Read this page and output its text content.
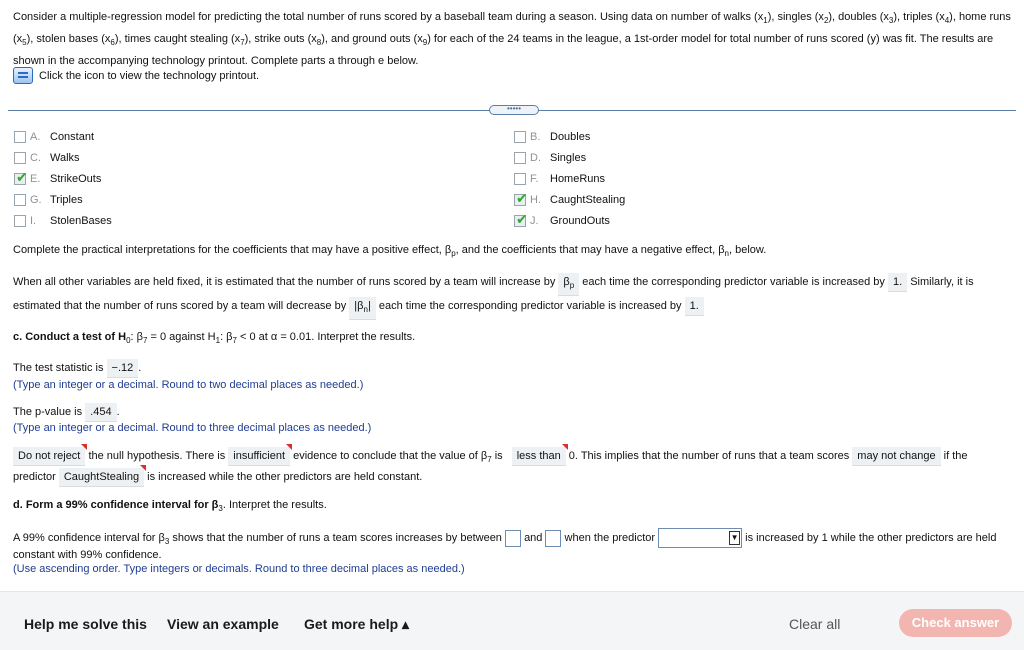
Consider a multiple-regression model for predicting the total number of runs scored by a baseball team during a season. Using data on number of walks $(x_1)$, singles $(x_2)$, doubles $(x_3)$, triples $(x_4)$, home runs $(x_5)$, stolen bases $(x_6)$, times caught stealing $(x_7)$, strike outs $(x_8)$, and ground outs $(x_9)$ for each of the 24 teams in the league, a 1st-order model for total number of runs scored (y) was fit. The results are shown in the accompanying technology printout. Complete parts a through e below.
Click the icon to view the technology printout.
•••••
A. Constant
C. Walks
✔
E. StrikeOuts
G. Triples
I.	StolenBases
B. Doubles
D. Singles
F.	HomeRuns
✔
H. CaughtStealing
✔
J.	GroundOuts
Complete the practical interpretations for the coefficients that may have a positive effect, $\beta_p$, and the coefficients that may have a negative effect, $\beta_n$, below.
When all other variables are held fixed, it is estimated that the number of runs scored by a team will increase by $\beta_p$ each time the corresponding predictor variable is increased by 1. Similarly, it is
estimated that the number of runs scored by a team will decrease by $|\beta_n|$ each time the corresponding predictor variable is increased by 1.
c. Conduct a test of $H_0$: $\beta_7 = 0$ against $H_1$: $\beta_7 < 0$ at α = 0.01. Interpret the results.
The test statistic is −.12 .
(Type an integer or a decimal. Round to two decimal places as needed.)
The p-value is .454 .
(Type an integer or a decimal. Round to three decimal places as needed.)
Do not reject the null hypothesis. There is insufficient evidence to conclude that the value of $\beta_7$ is less than 0. This implies that the number of runs that a team scores may not change if the
predictor CaughtStealing is increased while the other predictors are held constant.
d. Form a 99% confidence interval for $\beta_3$. Interpret the results.
A 99% confidence interval for $\beta_3$ shows that the number of runs a team scores increases by between and when the predictor	▼ is increased by 1 while the other predictors are held
constant with 99% confidence.
(Use ascending order. Type integers or decimals. Round to three decimal places as needed.)
Help me solve this View an example Get more help ▴	Clear all	Check answer
